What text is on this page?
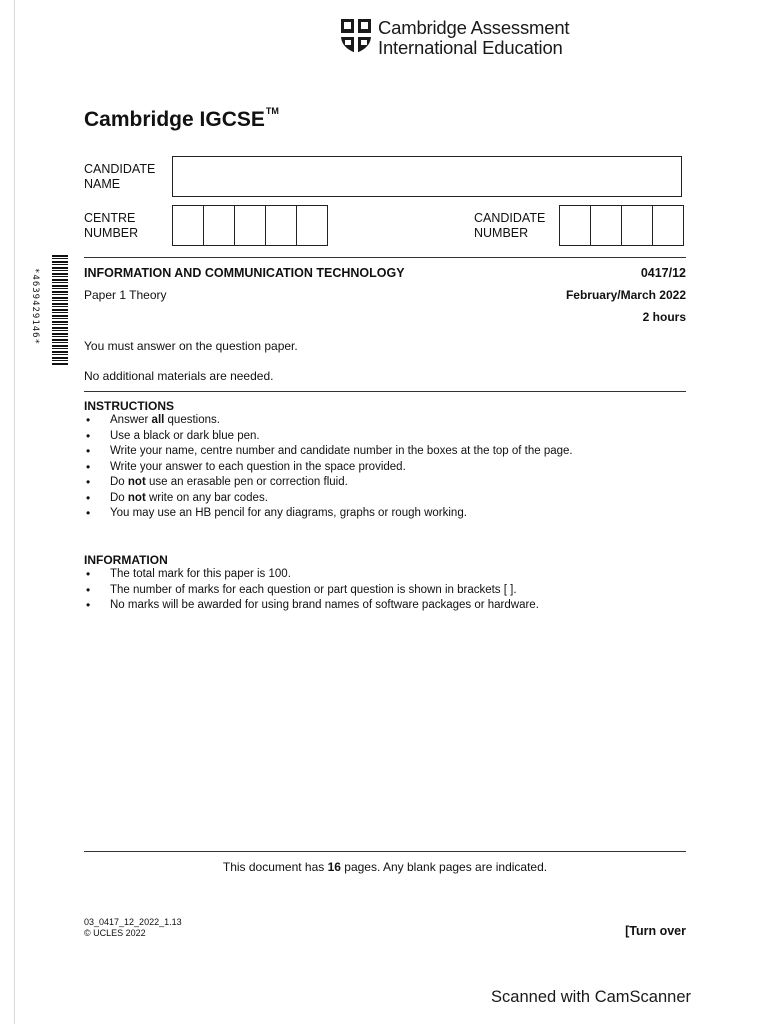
Cambridge Assessment
International Education
Cambridge IGCSE™
CANDIDATE
NAME
CENTRE
NUMBER
CANDIDATE
NUMBER
*4639429146*	INFORMATION AND COMMUNICATION TECHNOLOGY	0417/12
Paper 1 Theory	February/March 2022
2 hours
You must answer on the question paper.
No additional materials are needed.
INSTRUCTIONS
• Answer all questions.
• Use a black or dark blue pen.
• Write your name, centre number and candidate number in the boxes at the top of the page.
• Write your answer to each question in the space provided.
• Do not use an erasable pen or correction fluid.
• Do not write on any bar codes.
• You may use an HB pencil for any diagrams, graphs or rough working.
INFORMATION
• The total mark for this paper is 100.
• The number of marks for each question or part question is shown in brackets [ ].
• No marks will be awarded for using brand names of software packages or hardware.
This document has 16 pages. Any blank pages are indicated.
03_0417_12_2022_1.13
© UCLES 2022	[Turn over
Scanned with CamScanner
